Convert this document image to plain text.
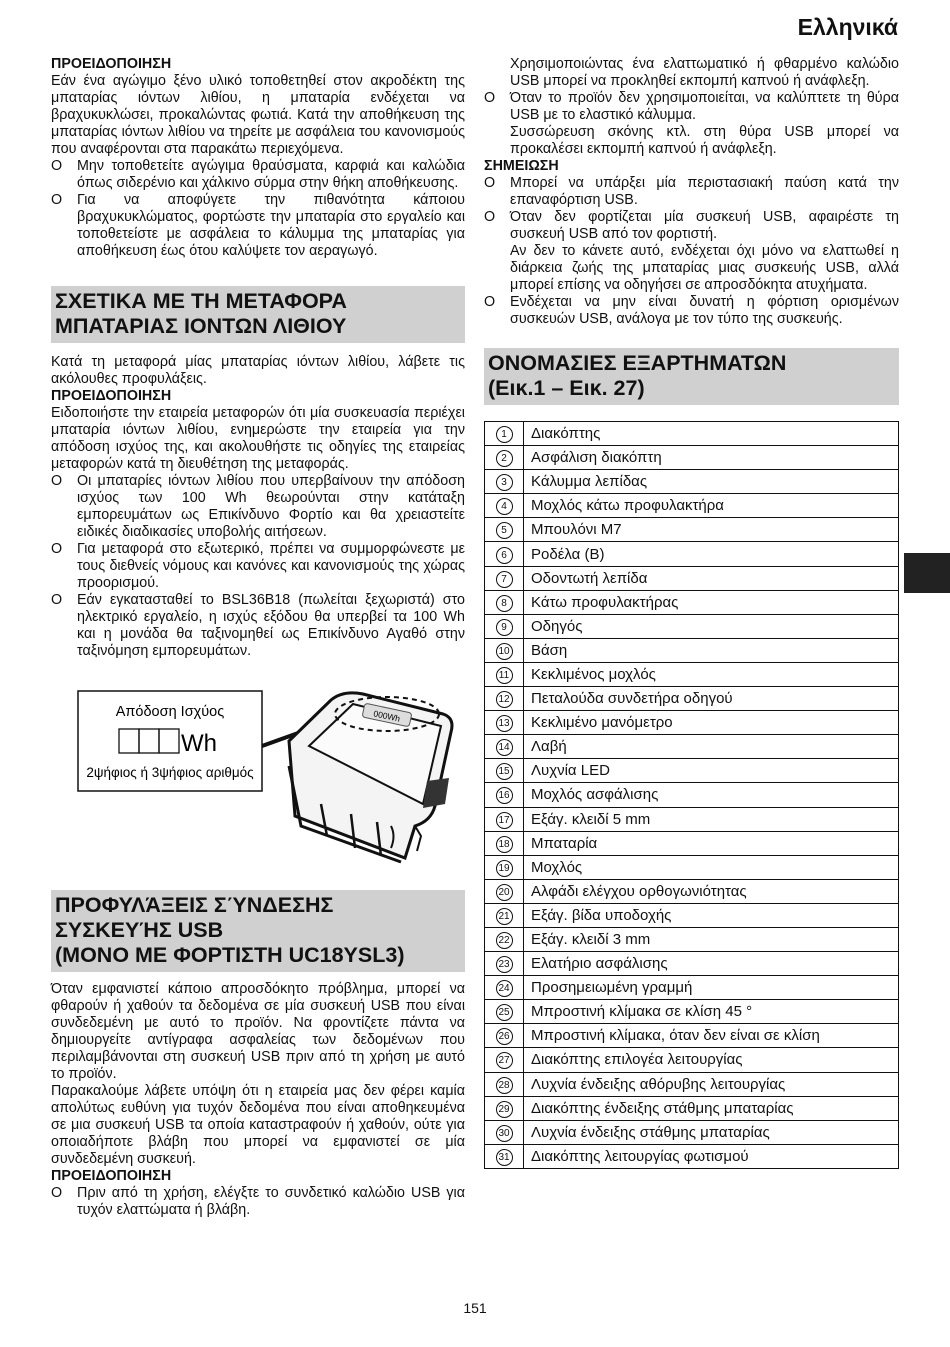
Ελληνικά
ΠΡΟΕΙΔΟΠΟΙΗΣΗ

Εάν ένα αγώγιμο ξένο υλικό τοποθετηθεί στον ακροδέκτη της μπαταρίας ιόντων λιθίου, η μπαταρία ενδέχεται να βραχυκυκλώσει, προκαλώντας φωτιά. Κατά την αποθήκευση της μπαταρίας ιόντων λιθίου να τηρείτε με ασφάλεια του κανονισμούς που αναφέρονται στα παρακάτω περιεχόμενα.

O Μην τοποθετείτε αγώγιμα θραύσματα, καρφιά και καλώδια όπως σιδερένιο και χάλκινο σύρμα στην θήκη αποθήκευσης.
O Για να αποφύγετε την πιθανότητα κάποιου βραχυκυκλώματος, φορτώστε την μπαταρία στο εργαλείο και τοποθετείστε με ασφάλεια το κάλυμμα της μπαταρίας για αποθήκευση έως ότου καλύψετε τον αεραγωγό.
ΣΧΕΤΙΚΑ ΜΕ ΤΗ ΜΕΤΑΦΟΡΑ
ΜΠΑΤΑΡΙΑΣ ΙΟΝΤΩΝ ΛΙΘΙΟΥ

Κατά τη μεταφορά μίας μπαταρίας ιόντων λιθίου, λάβετε τις ακόλουθες προφυλάξεις.

ΠΡΟΕΙΔΟΠΟΙΗΣΗ

Ειδοποιήστε την εταιρεία μεταφορών ότι μία συσκευασία περιέχει μπαταρία ιόντων λιθίου, ενημερώστε την εταιρεία για την απόδοση ισχύος της, και ακολουθήστε τις οδηγίες της εταιρείας μεταφορών κατά τη διευθέτηση της μεταφοράς.

O Οι μπαταρίες ιόντων λιθίου που υπερβαίνουν την απόδοση ισχύος των 100 Wh θεωρούνται στην κατάταξη εμπορευμάτων ως Επικίνδυνο Φορτίο και θα χρειαστείτε ειδικές διαδικασίες υποβολής αιτήσεων.
O Για μεταφορά στο εξωτερικό, πρέπει να συμμορφώνεστε με τους διεθνείς νόμους και κανόνες και κανονισμούς της χώρας προορισμού.
O Εάν εγκατασταθεί το BSL36B18 (πωλείται ξεχωριστά) στο ηλεκτρικό εργαλείο, η ισχύς εξόδου θα υπερβεί τα 100 Wh και η μονάδα θα ταξινομηθεί ως Επικίνδυνο Αγαθό στην ταξινόμηση εμπορευμάτων.
Απόδοση Ισχύος
Wh
2ψήφιος ή 3ψήφιος αριθμός
000Wh
ΠΡΟΦΥΛΆΞΕΙΣ ΣΎΝΔΕΣΗΣ
ΣΥΣΚΕΥΉΣ USB
(ΜΟΝΟ ΜΕ ΦΟΡΤΙΣΤΗ UC18YSL3)

Όταν εμφανιστεί κάποιο απροσδόκητο πρόβλημα, μπορεί να φθαρούν ή χαθούν τα δεδομένα σε μία συσκευή USB που είναι συνδεδεμένη με αυτό το προϊόν. Να φροντίζετε πάντα να δημιουργείτε αντίγραφα ασφαλείας των δεδομένων που περιλαμβάνονται στη συσκευή USB πριν από τη χρήση με αυτό το προϊόν.

Παρακαλούμε λάβετε υπόψη ότι η εταιρεία μας δεν φέρει καμία απολύτως ευθύνη για τυχόν δεδομένα που είναι αποθηκευμένα σε μια συσκευή USB τα οποία καταστραφούν ή χαθούν, ούτε για οποιαδήποτε βλάβη που μπορεί να εμφανιστεί σε μία συνδεδεμένη συσκευή.

ΠΡΟΕΙΔΟΠΟΙΗΣΗ
O Πριν από τη χρήση, ελέγξτε το συνδετικό καλώδιο USB για τυχόν ελαττώματα ή βλάβη.

Χρησιμοποιώντας ένα ελαττωματικό ή φθαρμένο καλώδιο USB μπορεί να προκληθεί εκπομπή καπνού ή ανάφλεξη.

O Όταν το προϊόν δεν χρησιμοποιείται, να καλύπτετε τη θύρα USB με το ελαστικό κάλυμμα.
Συσσώρευση σκόνης κτλ. στη θύρα USB μπορεί να προκαλέσει εκπομπή καπνού ή ανάφλεξη.
ΣΗΜΕΙΩΣΗ
O Μπορεί να υπάρξει μία περιστασιακή παύση κατά την επαναφόρτιση USB.
O Όταν δεν φορτίζεται μία συσκευή USB, αφαιρέστε τη συσκευή USB από τον φορτιστή.
Αν δεν το κάνετε αυτό, ενδέχεται όχι μόνο να ελαττωθεί η διάρκεια ζωής της μπαταρίας μιας συσκευής USB, αλλά μπορεί επίσης να οδηγήσει σε απροσδόκητα ατυχήματα.
O Ενδέχεται να μην είναι δυνατή η φόρτιση ορισμένων συσκευών USB, ανάλογα με τον τύπο της συσκευής.
ΟΝΟΜΑΣΙΕΣ ΕΞΑΡΤΗΜΑΤΩΝ
(Εικ.1 – Εικ. 27)
1	Διακόπτης
2	Ασφάλιση διακόπτη
3	Κάλυμμα λεπίδας
4	Μοχλός κάτω προφυλακτήρα
5	Μπουλόνι M7
6	Ροδέλα (B)
7	Οδοντωτή λεπίδα
8	Κάτω προφυλακτήρας
9	Οδηγός
10	Βάση
11	Κεκλιμένος μοχλός
12	Πεταλούδα συνδετήρα οδηγού
13	Κεκλιμένο μανόμετρο
14	Λαβή
15	Λυχνία LED
16	Μοχλός ασφάλισης
17	Εξάγ. κλειδί 5 mm
18	Μπαταρία
19	Μοχλός
20	Αλφάδι ελέγχου ορθογωνιότητας
21	Εξάγ. βίδα υποδοχής
22	Εξάγ. κλειδί 3 mm
23	Ελατήριο ασφάλισης
24	Προσημειωμένη γραμμή
25	Μπροστινή κλίμακα σε κλίση 45 °
26	Μπροστινή κλίμακα, όταν δεν είναι σε κλίση
27	Διακόπτης επιλογέα λειτουργίας
28	Λυχνία ένδειξης αθόρυβης λειτουργίας
29	Διακόπτης ένδειξης στάθμης μπαταρίας
30	Λυχνία ένδειξης στάθμης μπαταρίας
31	Διακόπτης λειτουργίας φωτισμού
151
